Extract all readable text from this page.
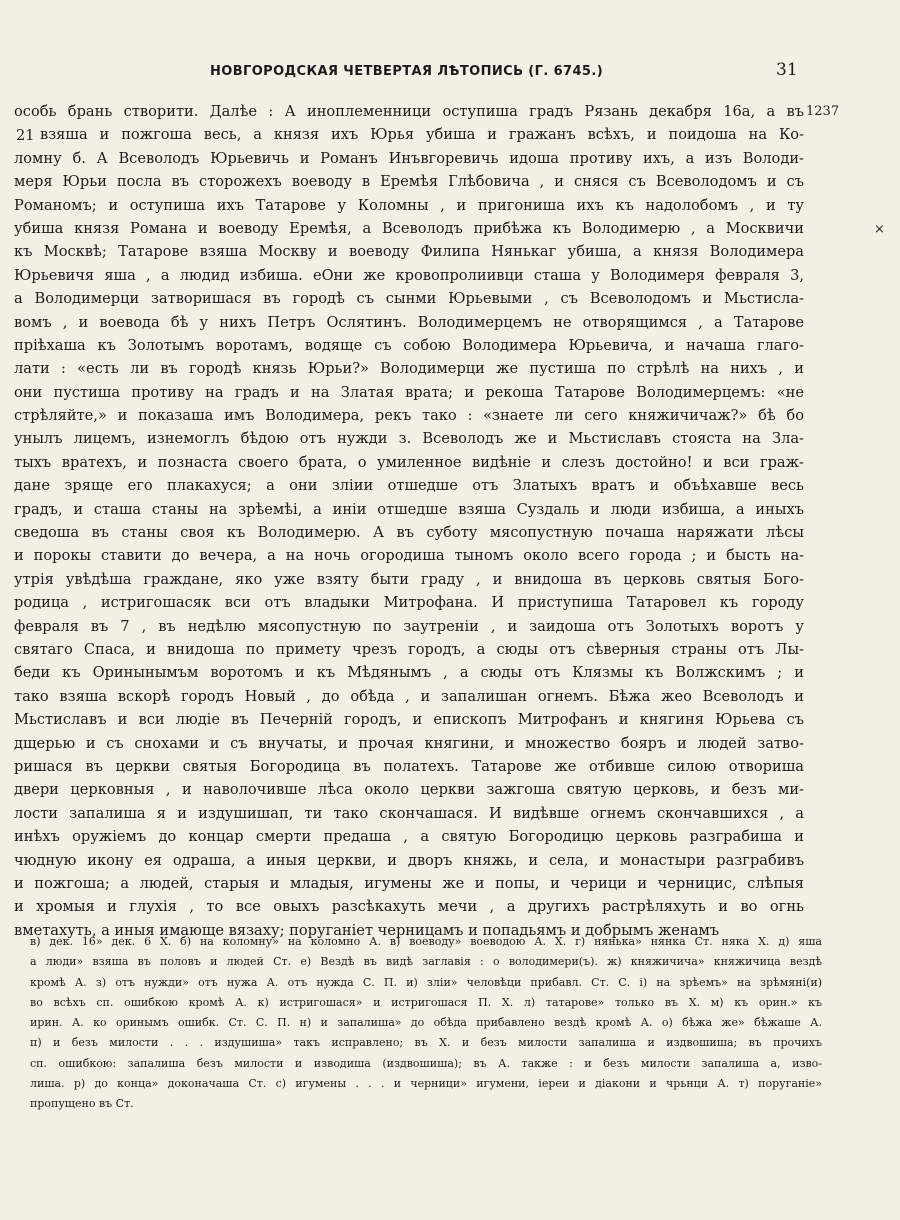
НОВГОРОДСКАЯ ЧЕТВЕРТАЯ ЛѢТОПИСЬ (Г. 6745.)	31
1237
21
×
особь брань створити. Далѣе : А иноплеменници оступиша градъ Рязань декабря 16а, а въ
взяша и пожгоша весь, а князя ихъ Юрья убиша и гражанъ всѣхъ, и поидоша на Ко-
ломну б. А Всеволодъ Юрьевичь и Романъ Инъвгоревичь идоша противу ихъ, а изъ Володи-
меря Юрьи посла въ сторожехъ воеводу в Еремѣя Глѣбовича , и сняся съ Всеволодомъ и съ
Романомъ; и оступиша ихъ Татарове у Коломны , и пригониша ихъ къ надолобомъ , и ту
убиша князя Романа и воеводу Еремѣя, а Всеволодъ прибѣжа къ Володимерю , а Москвичи
къ Москвѣ; Татарове взяша Москву и воеводу Филипа Нянькаг убиша, а князя Володимера
Юрьевичя яша , а людид избиша. еОни же кровопролиивци сташа у Володимеря февраля 3,
а Володимерци затворишася въ городѣ съ сынми Юрьевыми , съ Всеволодомъ и Мьстисла-
вомъ , и воевода бѣ у нихъ Петръ Ослятинъ. Володимерцемъ не отворящимся , а Татарове
пріѣхаша къ Золотымъ воротамъ, водяще съ собою Володимера Юрьевича, и начаша глаго-
лати : «есть ли въ городѣ князь Юрьи?» Володимерци же пустиша по стрѣлѣ на нихъ , и
они пустиша противу на градъ и на Златая врата; и рекоша Татарове Володимерцемъ: «не
стрѣляйте,» и показаша имъ Володимера, рекъ тако : «знаете ли сего княжичичаж?» бѣ бо
унылъ лицемъ, изнемоглъ бѣдою отъ нужди з. Всеволодъ же и Мьстиславъ стояста на Зла-
тыхъ вратехъ, и познаста своего брата, о умиленное видѣніе и слезъ достойно! и вси граж-
дане зряще его плакахуся; а они зліии отшедше отъ Златыхъ вратъ и объѣхавше весь
градъ, и сташа станы на зрѣемѣі, а иніи отшедше взяша Суздаль и люди избиша, а иныхъ
сведоша въ станы своя къ Володимерю. А въ суботу мясопустную почаша наряжати лѣсы
и порокы ставити до вечера, а на ночь огородиша тыномъ около всего города ; и бысть на-
утрія увѣдѣша граждане, яко уже взяту быти граду , и внидоша въ церковь святыя Бого-
родица , истригошасяк вси отъ владыки Митрофана. И приступиша Татаровел къ городу
февраля въ 7 , въ недѣлю мясопустную по заутреніи , и заидоша отъ Золотыхъ воротъ у
святаго Спаса, и внидоша по примету чрезъ городъ, а сюды отъ сѣверныя страны отъ Лы-
беди къ Оринынымъм воротомъ и къ Мѣдянымъ , а сюды отъ Клязмы къ Волжскимъ ; и
тако взяша вскорѣ городъ Новый , до обѣда , и запалишан огнемъ. Бѣжа жео Всеволодъ и
Мьстиславъ и вси людіе въ Печерній городъ, и епископъ Митрофанъ и княгиня Юрьева съ
дщерью и съ снохами и съ внучаты, и прочая княгини, и множество бояръ и людей затво-
ришася въ церкви святыя Богородица въ полатехъ. Татарове же отбивше силою отвориша
двери церковныя , и наволочивше лѣса около церкви зажгоша святую церковь, и безъ ми-
лости запалиша я и издушишап, ти тако скончашася. И видѣвше огнемъ скончавшихся , а
инѣхъ оружіемъ до концар смерти предаша , а святую Богородицю церковь разграбиша и
чюдную икону ея одраша, а иныя церкви, и дворъ княжь, и села, и монастыри разграбивъ
и пожгоша; а людей, старыя и младыя, игумены же и попы, и черици и черницис, слѣпыя
и хромыя и глухія , то все овыхъ разсѣкахуть мечи , а другихъ растрѣляхуть и во огнь
вметахуть, а иныя имающе вязаху; поруганіет черницамъ и попадьямъ и добрымъ женамъ
в) дек. 16» дек. 6 Х. б) на коломну» на коломно А. в) воеводу» воеводою А. Х. г) нянька» нянка Ст. няка Х. д) яша
а люди» взяша въ половъ и людей Ст. е) Вездѣ въ видѣ заглавія : о володимери(ъ). ж) княжичича» княжичица вездѣ
кромѣ А. з) отъ нужди» отъ нужа А. отъ нужда С. П. и) зліи» человѣци прибавл. Ст. С. і) на зрѣемъ» на зрѣмяні(и)
во всѣхъ сп. ошибкою кромѣ А. к) истригошася» и истригошася П. Х. л) татарове» только въ Х. м) къ орин.» къ
ирин. А. ко оринымъ ошибк. Ст. С. П. н) и запалиша» до обѣда прибавлено вездѣ кромѣ А. о) бѣжа же» бѣжаше А.
п) и безъ милости . . . издушиша» такъ исправлено; въ Х. и безъ милости запалиша и издвошиша; въ прочихъ
сп. ошибкою: запалиша безъ милости и изводиша (издвошиша); въ А. также : и безъ милости запалиша а, изво-
лиша. р) до конца» доконачаша Ст. с) игумены . . . и черници» игумени, іереи и діакони и чрьнци А. т) поруганіе»
пропущено въ Ст.
